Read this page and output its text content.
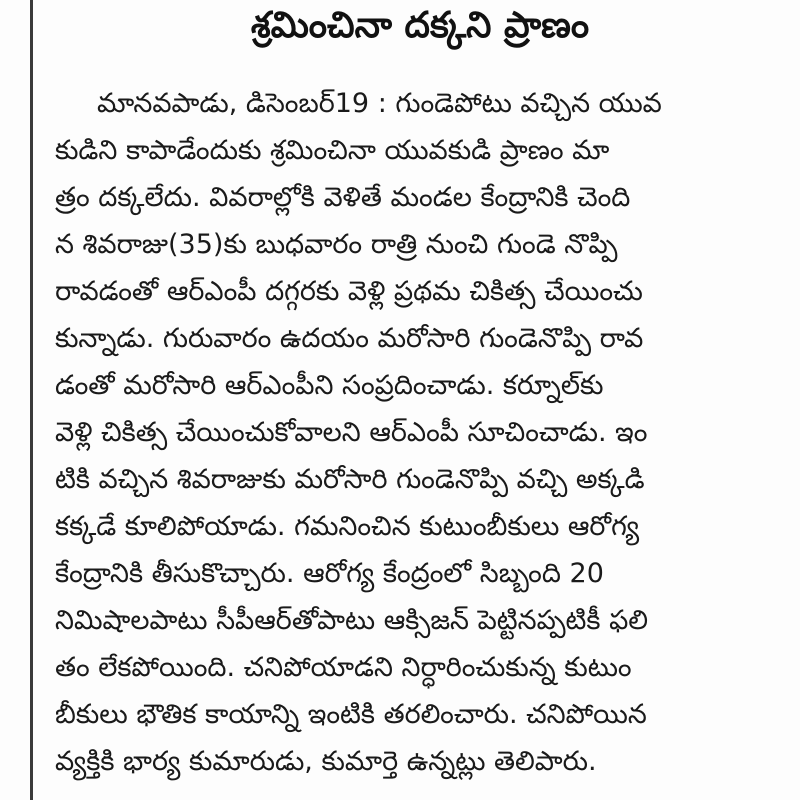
శ్రమించినా దక్కని ప్రాణం
మానవపాడు, డిసెంబర్19 : గుండెపోటు వచ్చిన యువ
కుడిని కాపాడేందుకు శ్రమించినా యువకుడి ప్రాణం మా
త్రం దక్కలేదు. వివరాల్లోకి వెళితే మండల కేంద్రానికి చెంది
న శివరాజు(35)కు బుధవారం రాత్రి నుంచి గుండె నొప్పి
రావడంతో ఆర్ఎంపీ దగ్గరకు వెళ్లి ప్రథమ చికిత్స చేయించు
కున్నాడు. గురువారం ఉదయం మరోసారి గుండెనొప్పి రావ
డంతో మరోసారి ఆర్ఎంపీని సంప్రదించాడు. కర్నూల్‌కు
వెళ్లి చికిత్స చేయించుకోవాలని ఆర్ఎంపీ సూచించాడు. ఇం
టికి వచ్చిన శివరాజుకు మరోసారి గుండెనొప్పి వచ్చి అక్కడి
కక్కడే కూలిపోయాడు. గమనించిన కుటుంబీకులు ఆరోగ్య
కేంద్రానికి తీసుకొచ్చారు. ఆరోగ్య కేంద్రంలో సిబ్బంది 20
నిమిషాలపాటు సీపీఆర్‌తోపాటు ఆక్సిజన్ పెట్టినప్పటికీ ఫలి
తం లేకపోయింది. చనిపోయాడని నిర్ధారించుకున్న కుటుం
బీకులు భౌతిక కాయాన్ని ఇంటికి తరలించారు. చనిపోయిన
వ్యక్తికి భార్య కుమారుడు, కుమార్తె ఉన్నట్లు తెలిపారు.
